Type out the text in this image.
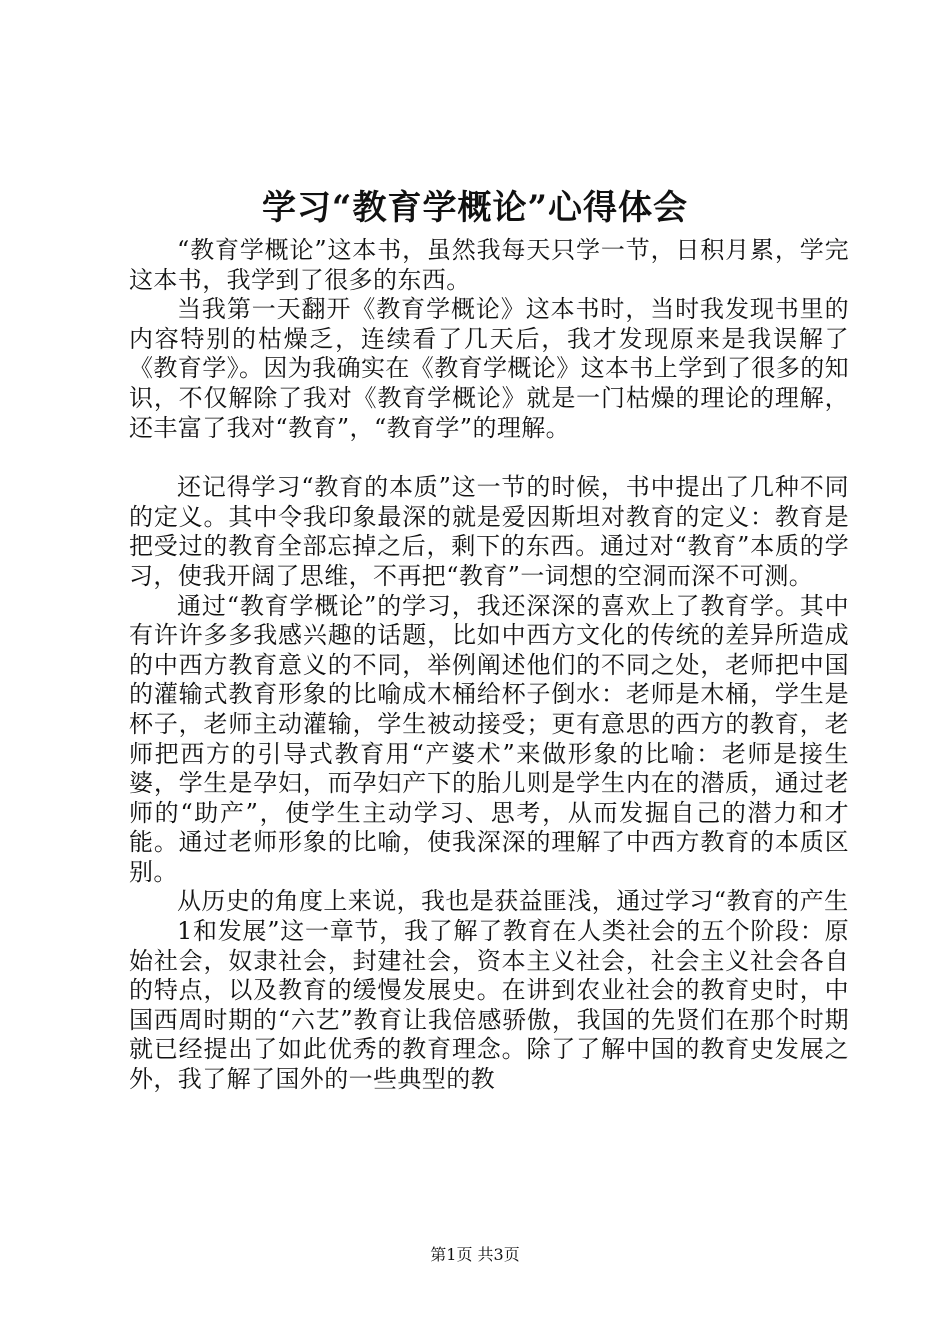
学习“教育学概论”心得体会

“教育学概论”这本书，虽然我每天只学一节，日积月累，学完这本书，我学到了很多的东西。

当我第一天翻开《教育学概论》这本书时，当时我发现书里的内容特别的枯燥乏，连续看了几天后，我才发现原来是我误解了《教育学》。因为我确实在《教育学概论》这本书上学到了很多的知识，不仅解除了我对《教育学概论》就是一门枯燥的理论的理解，还丰富了我对“教育”，“教育学”的理解。

还记得学习“教育的本质”这一节的时候，书中提出了几种不同的定义。其中令我印象最深的就是爱因斯坦对教育的定义：教育是把受过的教育全部忘掉之后，剩下的东西。通过对“教育”本质的学习，使我开阔了思维，不再把“教育”一词想的空洞而深不可测。

通过“教育学概论”的学习，我还深深的喜欢上了教育学。其中有许许多多我感兴趣的话题，比如中西方文化的传统的差异所造成的中西方教育意义的不同，举例阐述他们的不同之处，老师把中国的灌输式教育形象的比喻成木桶给杯子倒水：老师是木桶，学生是杯子，老师主动灌输，学生被动接受；更有意思的西方的教育，老师把西方的引导式教育用“产婆术”来做形象的比喻：老师是接生婆，学生是孕妇，而孕妇产下的胎儿则是学生内在的潜质，通过老师的“助产”，使学生主动学习、思考，从而发掘自己的潜力和才能。通过老师形象的比喻，使我深深的理解了中西方教育的本质区别。

从历史的角度上来说，我也是获益匪浅，通过学习“教育的产生

1和发展”这一章节，我了解了教育在人类社会的五个阶段：原始社会，奴隶社会，封建社会，资本主义社会，社会主义社会各自的特点，以及教育的缓慢发展史。在讲到农业社会的教育史时，中国西周时期的“六艺”教育让我倍感骄傲，我国的先贤们在那个时期就已经提出了如此优秀的教育理念。除了了解中国的教育史发展之外，我了解了国外的一些典型的教

第1页 共3页
